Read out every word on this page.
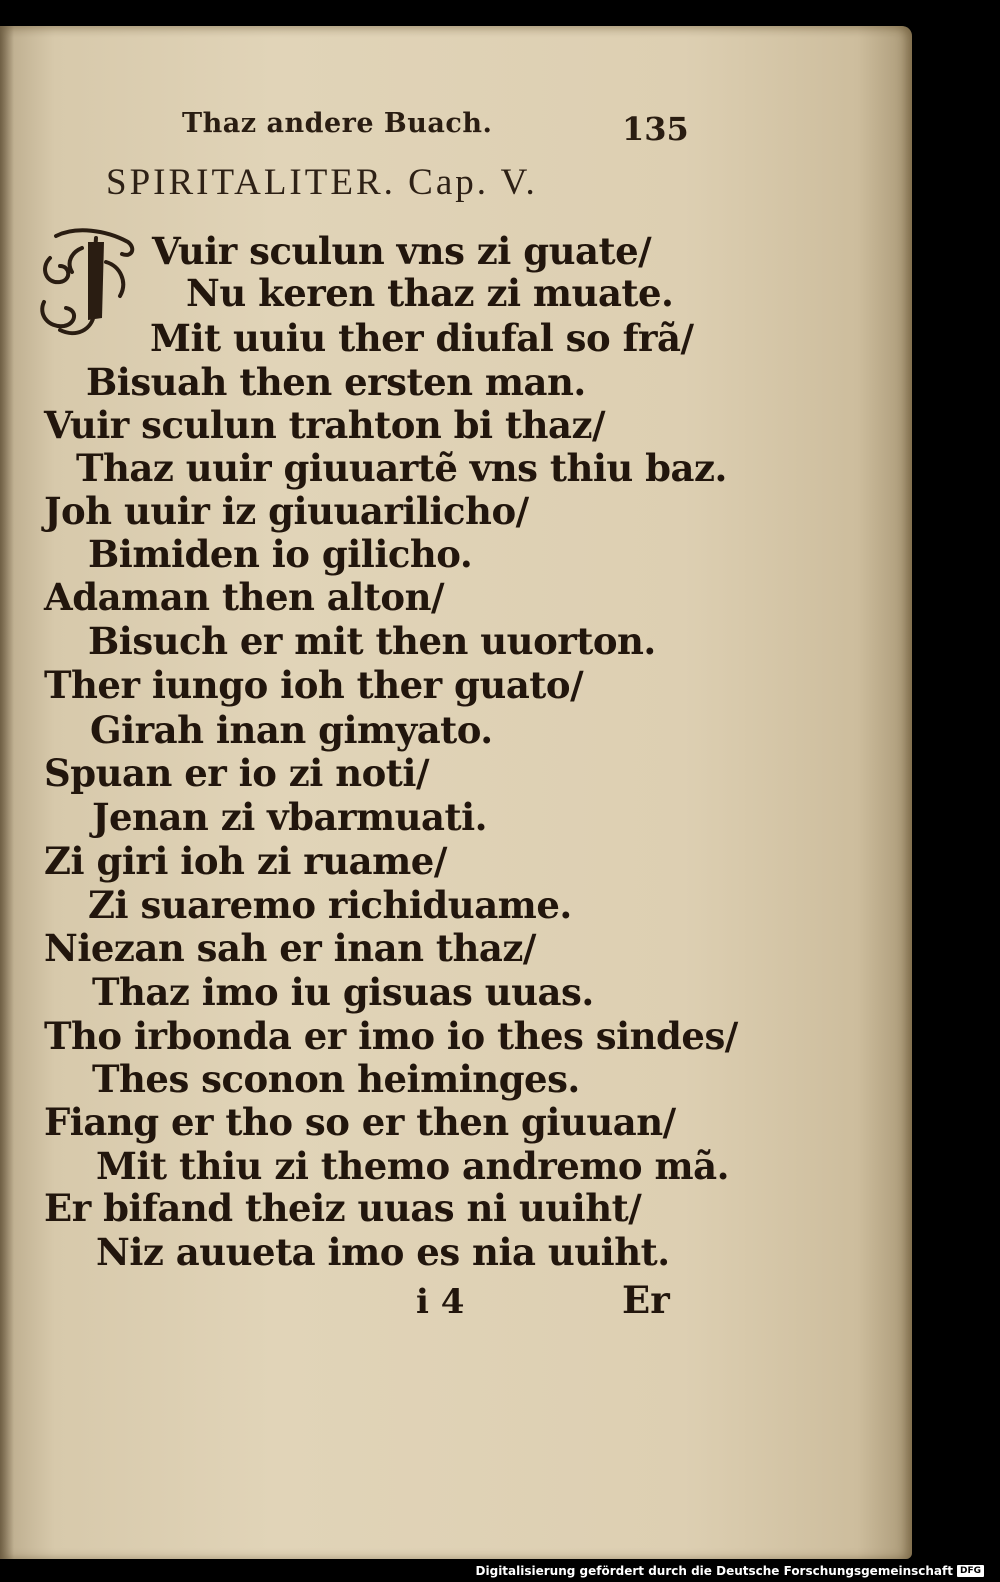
Thaz andere Buach.	135
SPIRITALITER. Cap. V.
I Vuir sculun vns zi guate/
Nu keren thaz zi muate.
Mit uuiu ther diufal so frã/
Bisuah then ersten man.
Vuir sculun trahton bi thaz/
Thaz uuir giuuartẽ vns thiu baz.
Joh uuir iz giuuarilicho/
Bimiden io gilicho.
Adaman then alton/
Bisuch er mit then uuorton.
Ther iungo ioh ther guato/
Girah inan gimyato.
Spuan er io zi noti/
Jenan zi vbarmuati.
Zi giri ioh zi ruame/
Zi suaremo richiduame.
Niezan sah er inan thaz/
Thaz imo iu gisuas uuas.
Tho irbonda er imo io thes sindes/
Thes sconon heiminges.
Fiang er tho so er then giuuan/
Mit thiu zi themo andremo mã.
Er bifand theiz uuas ni uuiht/
Niz auueta imo es nia uuiht.
i 4	Er
Digitalisierung gefördert durch die Deutsche Forschungsgemeinschaft DFG
